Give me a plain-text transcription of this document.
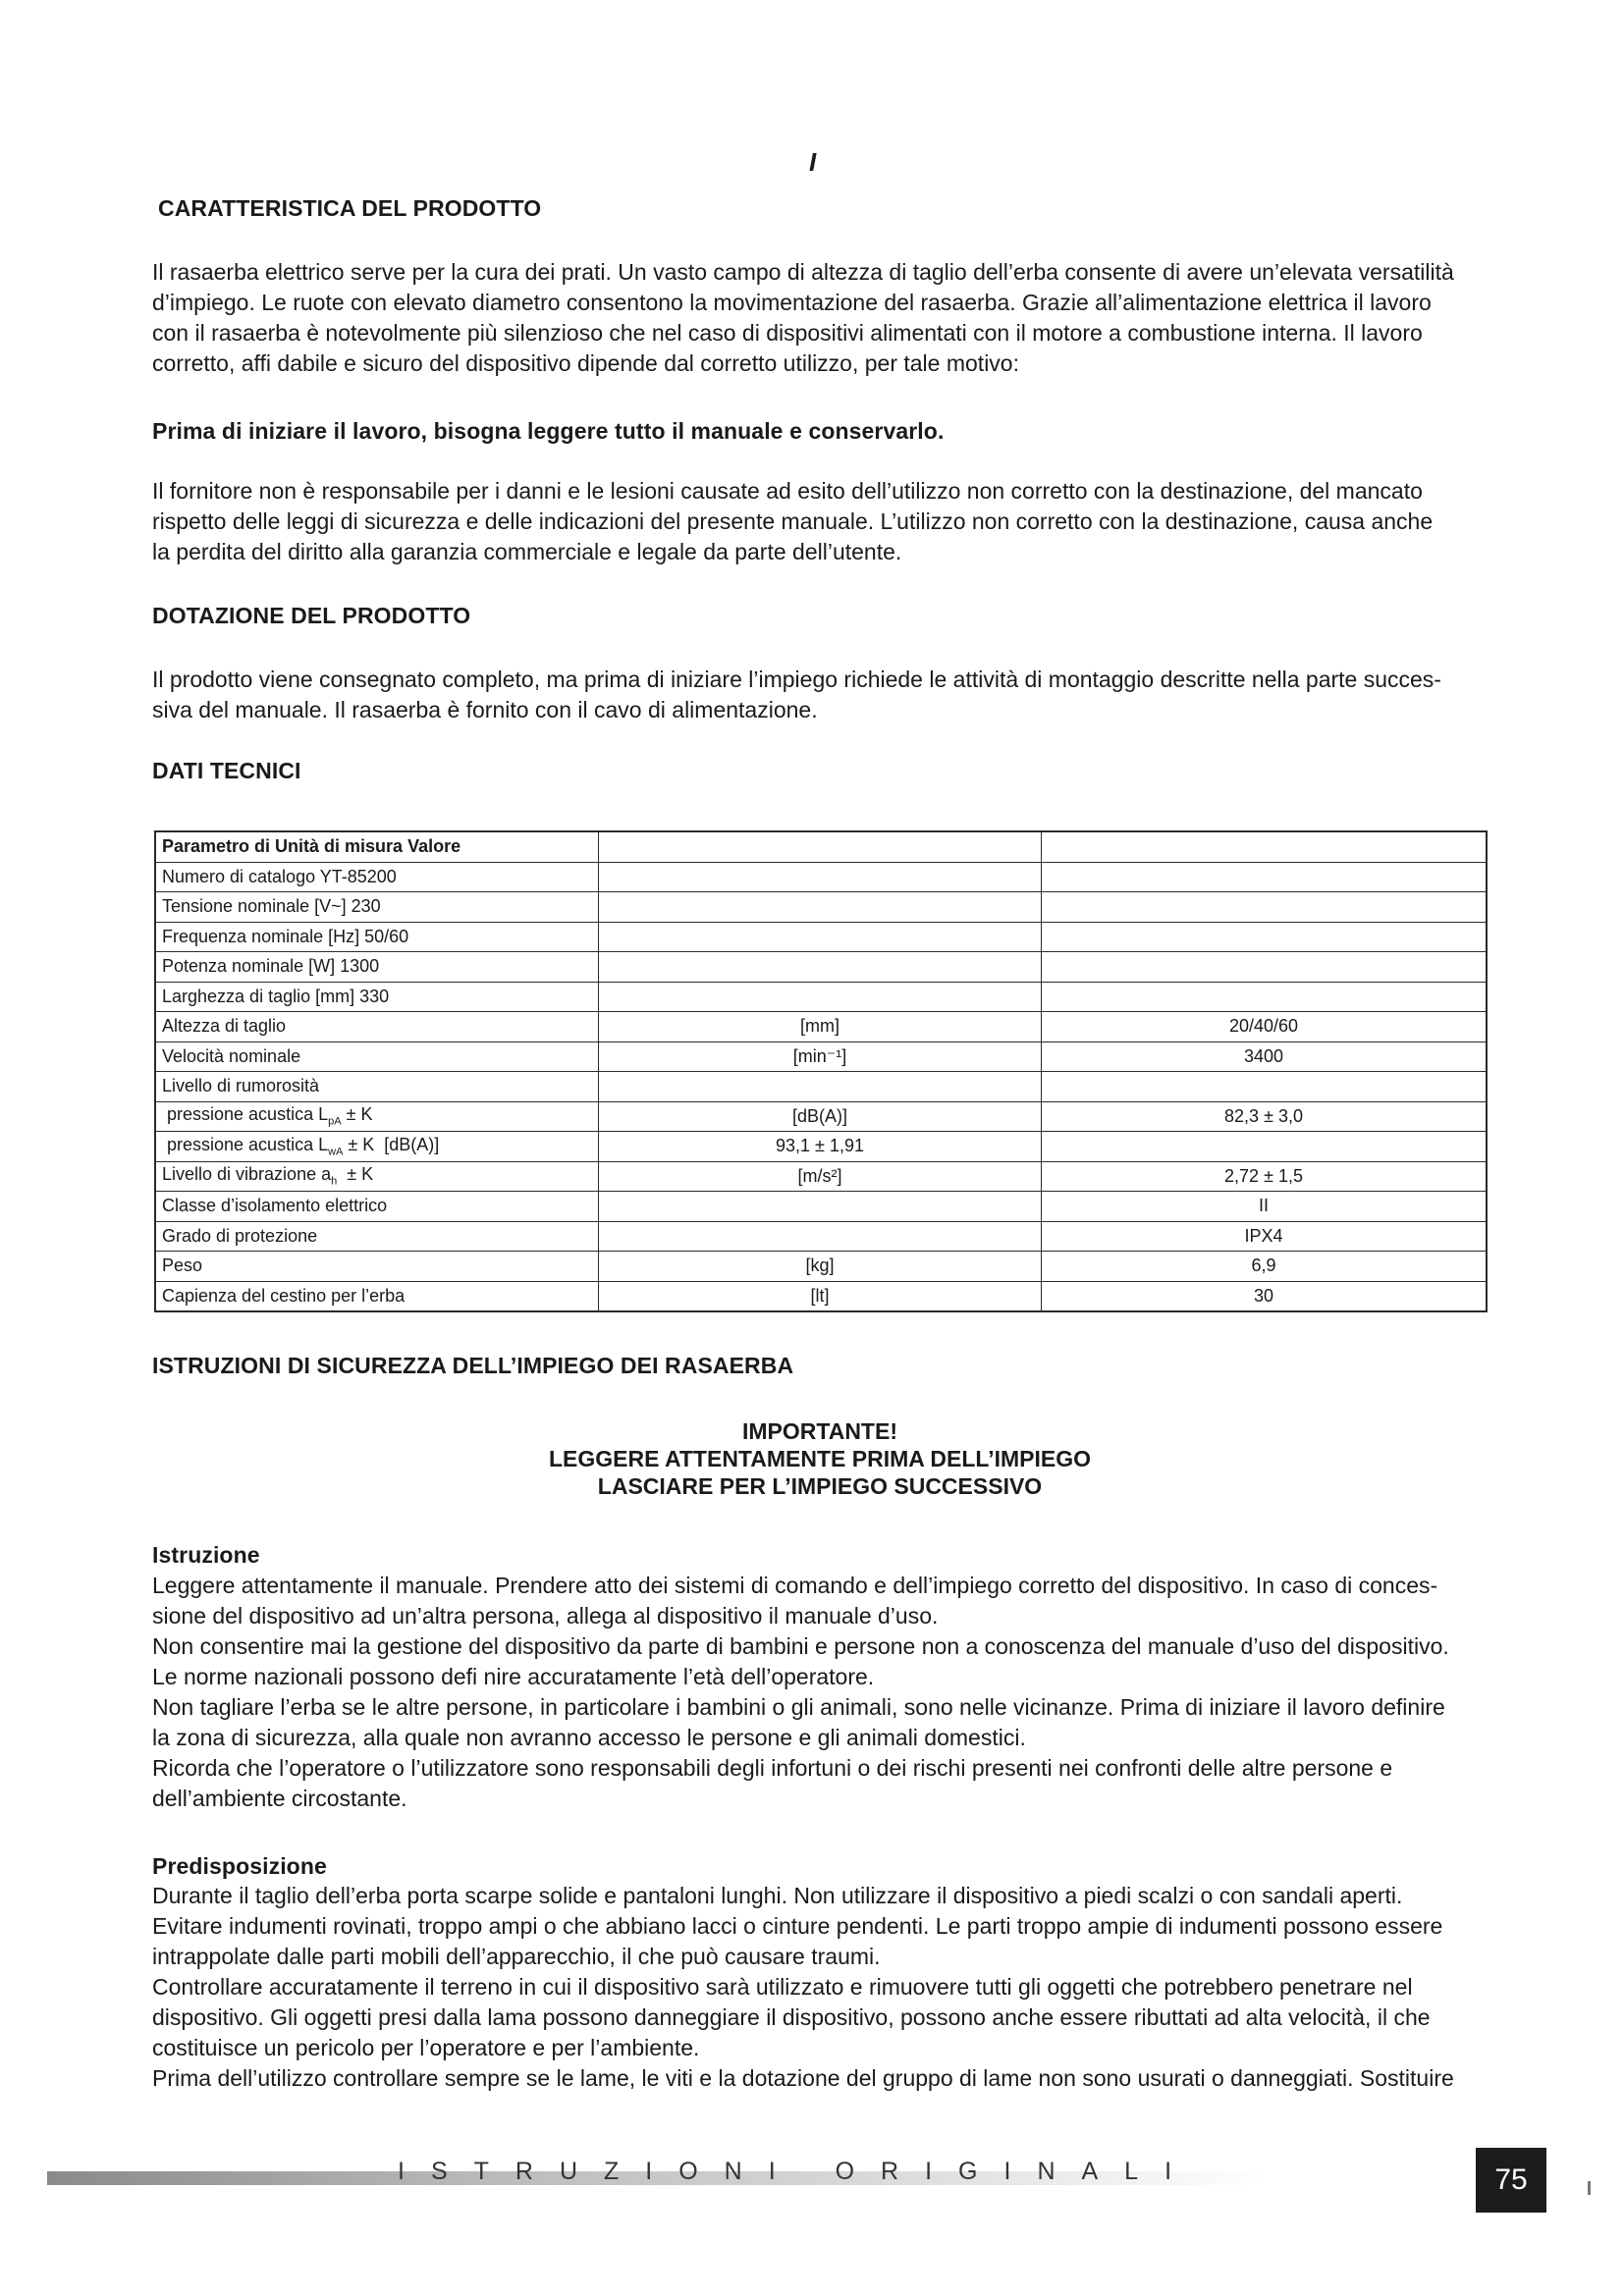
I
CARATTERISTICA DEL PRODOTTO
Il rasaerba elettrico serve per la cura dei prati. Un vasto campo di altezza di taglio dell’erba consente di avere un’elevata versatilità
d’impiego. Le ruote con elevato diametro consentono la movimentazione del rasaerba. Grazie all’alimentazione elettrica il lavoro
con il rasaerba è notevolmente più silenzioso che nel caso di dispositivi alimentati con il motore a combustione interna. Il lavoro
corretto, affi dabile e sicuro del dispositivo dipende dal corretto utilizzo, per tale motivo:
Prima di iniziare il lavoro, bisogna leggere tutto il manuale e conservarlo.
Il fornitore non è responsabile per i danni e le lesioni causate ad esito dell’utilizzo non corretto con la destinazione, del mancato
rispetto delle leggi di sicurezza e delle indicazioni del presente manuale. L’utilizzo non corretto con la destinazione, causa anche
la perdita del diritto alla garanzia commerciale e legale da parte dell’utente.
DOTAZIONE DEL PRODOTTO
Il prodotto viene consegnato completo, ma prima di iniziare l’impiego richiede le attività di montaggio descritte nella parte succes-
siva del manuale. Il rasaerba è fornito con il cavo di alimentazione.
DATI TECNICI
Parametro di Unità di misura Valore		
Numero di catalogo YT-85200		
Tensione nominale [V~] 230		
Frequenza nominale [Hz] 50/60		
Potenza nominale [W] 1300		
Larghezza di taglio [mm] 330		
Altezza di taglio	[mm]	20/40/60
Velocità nominale	[min⁻¹]	3400
Livello di rumorosità		
pressione acustica $L_{pA} \pm K$	[dB(A)]	82,3 ± 3,0
pressione acustica $L_{wA} \pm K$  [dB(A)]	93,1 ± 1,91	
Livello di vibrazione $a_h \pm K$	[m/s²]	2,72 ± 1,5
Classe d’isolamento elettrico		II
Grado di protezione		IPX4
Peso	[kg]	6,9
Capienza del cestino per l’erba	[lt]	30
ISTRUZIONI DI SICUREZZA DELL’IMPIEGO DEI RASAERBA
IMPORTANTE!
LEGGERE ATTENTAMENTE PRIMA DELL’IMPIEGO
LASCIARE PER L’IMPIEGO SUCCESSIVO
Istruzione
Leggere attentamente il manuale. Prendere atto dei sistemi di comando e dell’impiego corretto del dispositivo. In caso di conces-
sione del dispositivo ad un’altra persona, allega al dispositivo il manuale d’uso.
Non consentire mai la gestione del dispositivo da parte di bambini e persone non a conoscenza del manuale d’uso del dispositivo.
Le norme nazionali possono defi nire accuratamente l’età dell’operatore.
Non tagliare l’erba se le altre persone, in particolare i bambini o gli animali, sono nelle vicinanze. Prima di iniziare il lavoro definire
la zona di sicurezza, alla quale non avranno accesso le persone e gli animali domestici.
Ricorda che l’operatore o l’utilizzatore sono responsabili degli infortuni o dei rischi presenti nei confronti delle altre persone e
dell’ambiente circostante.
Predisposizione
Durante il taglio dell’erba porta scarpe solide e pantaloni lunghi. Non utilizzare il dispositivo a piedi scalzi o con sandali aperti.
Evitare indumenti rovinati, troppo ampi o che abbiano lacci o cinture pendenti. Le parti troppo ampie di indumenti possono essere
intrappolate dalle parti mobili dell’apparecchio, il che può causare traumi.
Controllare accuratamente il terreno in cui il dispositivo sarà utilizzato e rimuovere tutti gli oggetti che potrebbero penetrare nel
dispositivo. Gli oggetti presi dalla lama possono danneggiare il dispositivo, possono anche essere ributtati ad alta velocità, il che
costituisce un pericolo per l’operatore e per l’ambiente.
Prima dell’utilizzo controllare sempre se le lame, le viti e la dotazione del gruppo di lame non sono usurati o danneggiati. Sostituire
ISTRUZIONI ORIGINALI	75
